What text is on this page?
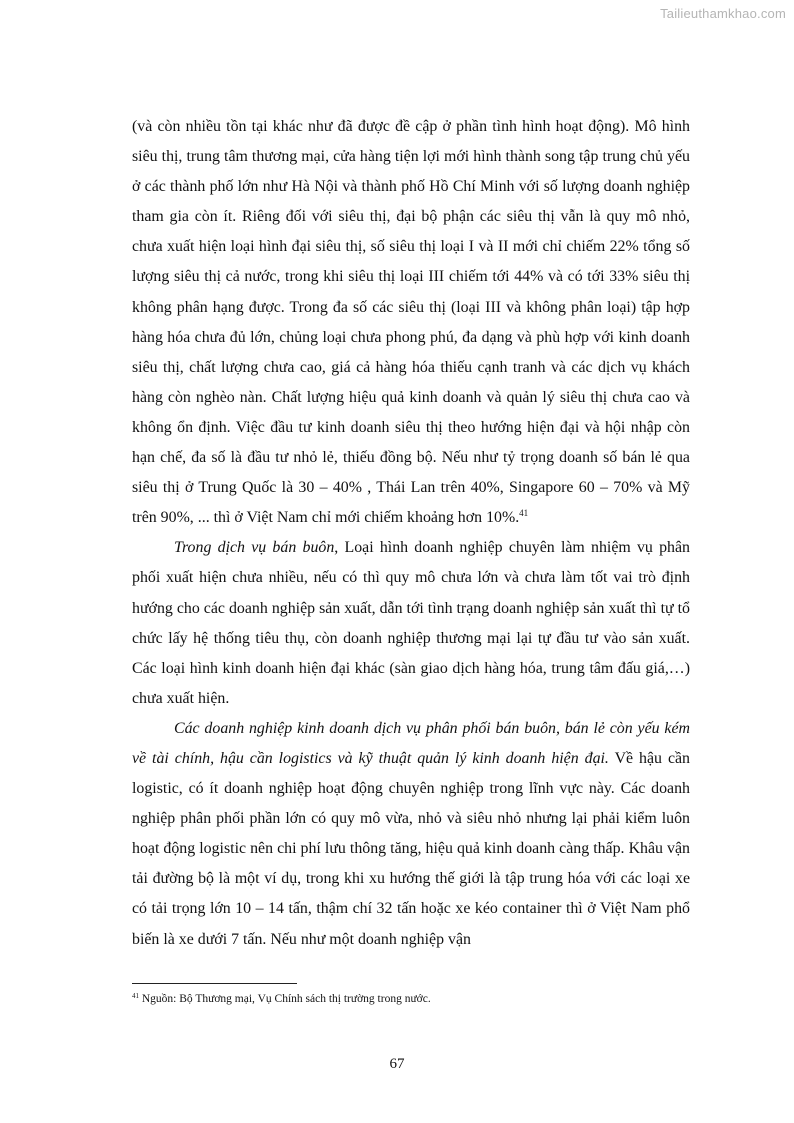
Tailieuthamkhao.com

(và còn nhiều tồn tại khác như đã được đề cập ở phần tình hình hoạt động). Mô hình siêu thị, trung tâm thương mại, cửa hàng tiện lợi mới hình thành song tập trung chủ yếu ở các thành phố lớn như Hà Nội và thành phố Hồ Chí Minh với số lượng doanh nghiệp tham gia còn ít. Riêng đối với siêu thị, đại bộ phận các siêu thị vẫn là quy mô nhỏ, chưa xuất hiện loại hình đại siêu thị, số siêu thị loại I và II mới chỉ chiếm 22% tổng số lượng siêu thị cả nước, trong khi siêu thị loại III chiếm tới 44% và có tới 33% siêu thị không phân hạng được. Trong đa số các siêu thị (loại III và không phân loại) tập hợp hàng hóa chưa đủ lớn, chủng loại chưa phong phú, đa dạng và phù hợp với kinh doanh siêu thị, chất lượng chưa cao, giá cả hàng hóa thiếu cạnh tranh và các dịch vụ khách hàng còn nghèo nàn. Chất lượng hiệu quả kinh doanh và quản lý siêu thị chưa cao và không ổn định. Việc đầu tư kinh doanh siêu thị theo hướng hiện đại và hội nhập còn hạn chế, đa số là đầu tư nhỏ lẻ, thiếu đồng bộ. Nếu như tỷ trọng doanh số bán lẻ qua siêu thị ở Trung Quốc là 30 – 40% , Thái Lan trên 40%, Singapore 60 – 70% và Mỹ trên 90%, ... thì ở Việt Nam chỉ mới chiếm khoảng hơn 10%.$^{41}$

Trong dịch vụ bán buôn, Loại hình doanh nghiệp chuyên làm nhiệm vụ phân phối xuất hiện chưa nhiều, nếu có thì quy mô chưa lớn và chưa làm tốt vai trò định hướng cho các doanh nghiệp sản xuất, dẫn tới tình trạng doanh nghiệp sản xuất thì tự tổ chức lấy hệ thống tiêu thụ, còn doanh nghiệp thương mại lại tự đầu tư vào sản xuất. Các loại hình kinh doanh hiện đại khác (sàn giao dịch hàng hóa, trung tâm đấu giá,…) chưa xuất hiện.

Các doanh nghiệp kinh doanh dịch vụ phân phối bán buôn, bán lẻ còn yếu kém về tài chính, hậu cần logistics và kỹ thuật quản lý kinh doanh hiện đại. Về hậu cần logistic, có ít doanh nghiệp hoạt động chuyên nghiệp trong lĩnh vực này. Các doanh nghiệp phân phối phần lớn có quy mô vừa, nhỏ và siêu nhỏ nhưng lại phải kiểm luôn hoạt động logistic nên chi phí lưu thông tăng, hiệu quả kinh doanh càng thấp. Khâu vận tải đường bộ là một ví dụ, trong khi xu hướng thế giới là tập trung hóa với các loại xe có tải trọng lớn 10 – 14 tấn, thậm chí 32 tấn hoặc xe kéo container thì ở Việt Nam phổ biến là xe dưới 7 tấn. Nếu như một doanh nghiệp vận

$^{41}$ Nguồn: Bộ Thương mại, Vụ Chính sách thị trường trong nước.
67
